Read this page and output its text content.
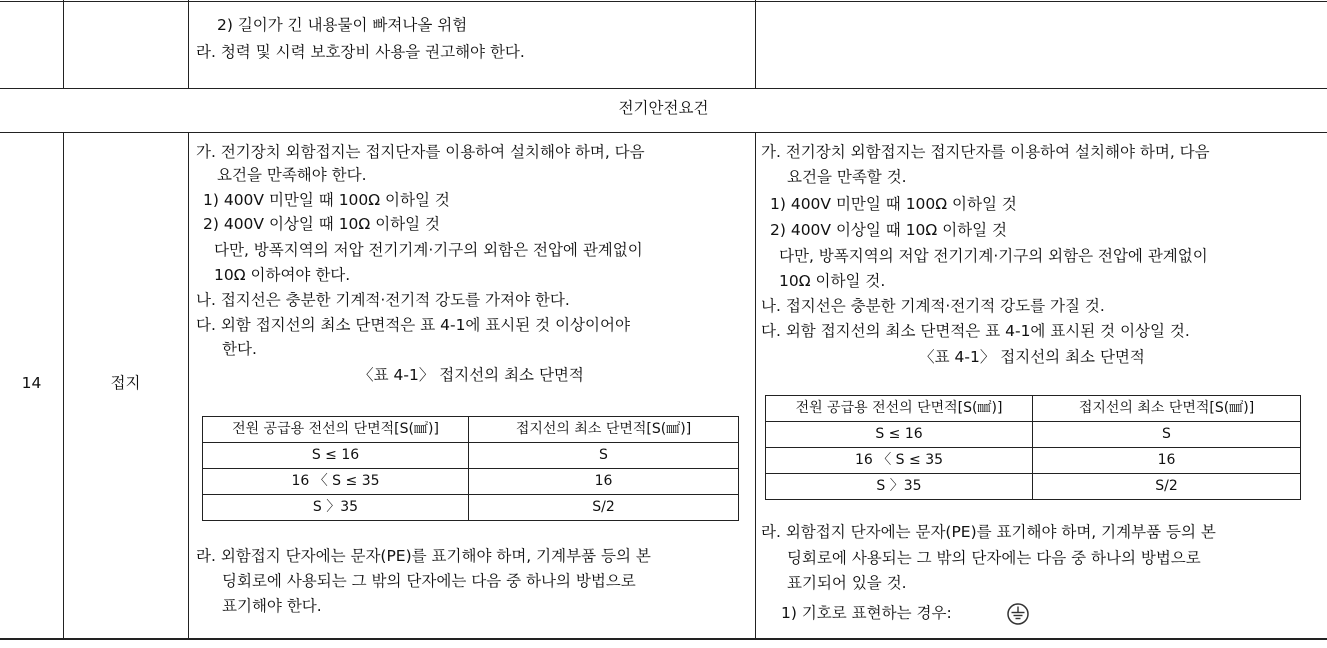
2) 길이가 긴 내용물이 빠져나올 위험
라. 청력 및 시력 보호장비 사용을 권고해야 한다.
전기안전요건
14	접지
가. 전기장치 외함접지는 접지단자를 이용하여 설치해야 하며, 다음
요건을 만족해야 한다.
1) 400V 미만일 때 100Ω 이하일 것
2) 400V 이상일 때 10Ω 이하일 것
다만, 방폭지역의 저압 전기기계·기구의 외함은 전압에 관계없이
10Ω 이하여야 한다.
나. 접지선은 충분한 기계적·전기적 강도를 가져야 한다.
다. 외함 접지선의 최소 단면적은 표 4-1에 표시된 것 이상이어야
한다.
〈표 4-1〉 접지선의 최소 단면적
전원 공급용 전선의 단면적[S(㎟)]	접지선의 최소 단면적[S(㎟)]
S ≤ 16	S
16 〈 S ≤ 35	16
S 〉35	S/2
라. 외함접지 단자에는 문자(PE)를 표기해야 하며, 기계부품 등의 본
딩회로에 사용되는 그 밖의 단자에는 다음 중 하나의 방법으로
표기해야 한다.
가. 전기장치 외함접지는 접지단자를 이용하여 설치해야 하며, 다음
요건을 만족할 것.
1) 400V 미만일 때 100Ω 이하일 것
2) 400V 이상일 때 10Ω 이하일 것
다만, 방폭지역의 저압 전기기계·기구의 외함은 전압에 관계없이
10Ω 이하일 것.
나. 접지선은 충분한 기계적·전기적 강도를 가질 것.
다. 외함 접지선의 최소 단면적은 표 4-1에 표시된 것 이상일 것.
〈표 4-1〉 접지선의 최소 단면적
전원 공급용 전선의 단면적[S(㎟)]	접지선의 최소 단면적[S(㎟)]
S ≤ 16	S
16 〈 S ≤ 35	16
S 〉35	S/2
라. 외함접지 단자에는 문자(PE)를 표기해야 하며, 기계부품 등의 본
딩회로에 사용되는 그 밖의 단자에는 다음 중 하나의 방법으로
표기되어 있을 것.
1) 기호로 표현하는 경우:
